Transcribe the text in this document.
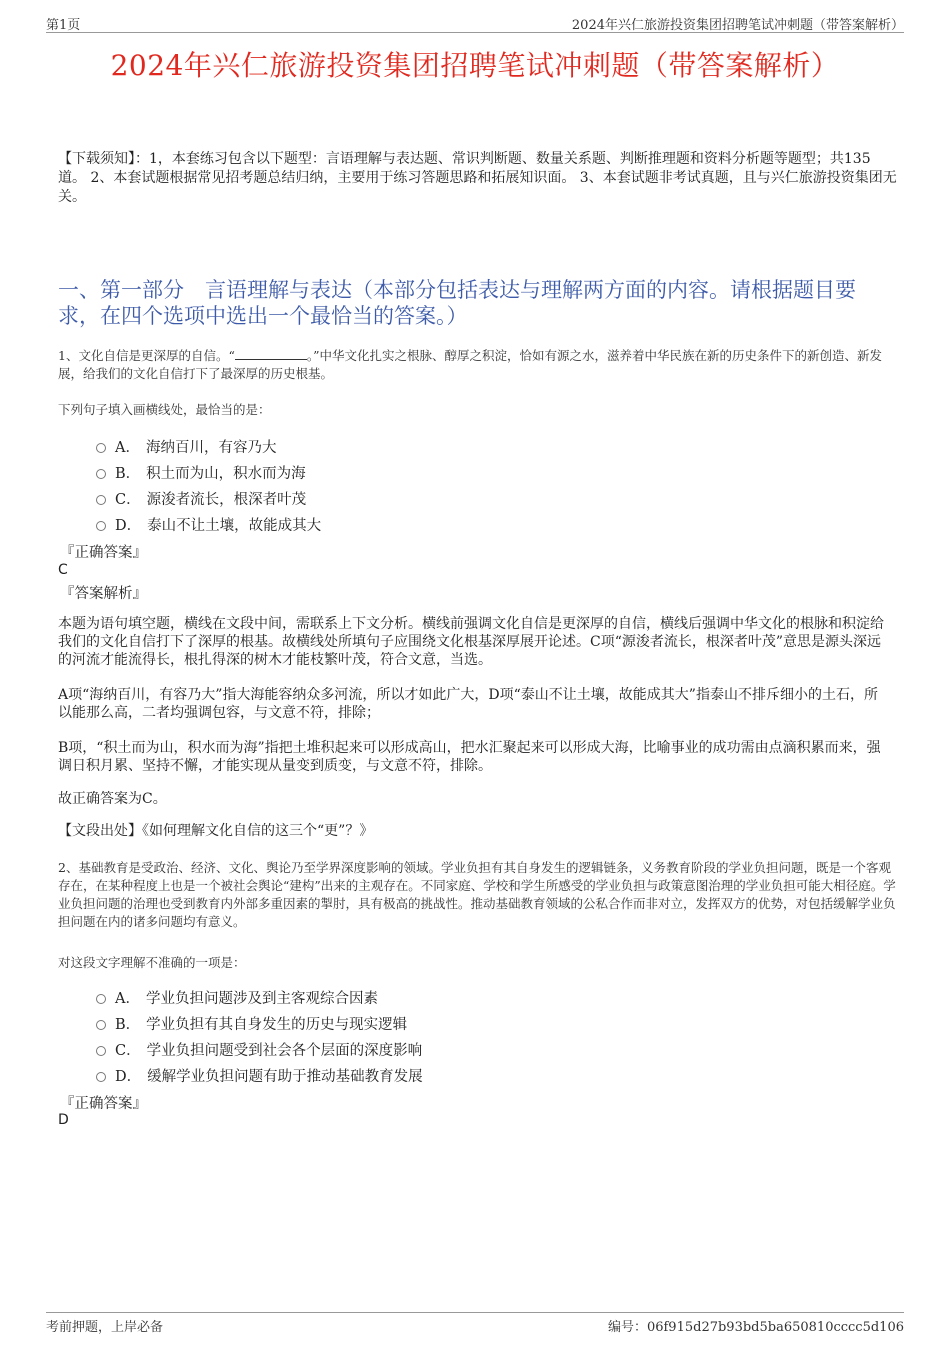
第1页	2024年兴仁旅游投资集团招聘笔试冲刺题（带答案解析）
2024年兴仁旅游投资集团招聘笔试冲刺题（带答案解析）
【下载须知】：1，本套练习包含以下题型：言语理解与表达题、常识判断题、数量关系题、判断推理题和资料分析题等题型；共135道。 2、本套试题根据常见招考题总结归纳，主要用于练习答题思路和拓展知识面。 3、本套试题非考试真题，且与兴仁旅游投资集团无关。
一、第一部分　言语理解与表达（本部分包括表达与理解两方面的内容。请根据题目要求，在四个选项中选出一个最恰当的答案。）
1、文化自信是更深厚的自信。“	。”中华文化扎实之根脉、醇厚之积淀，恰如有源之水，滋养着中华民族在新的历史条件下的新创造、新发展，给我们的文化自信打下了最深厚的历史根基。
下列句子填入画横线处，最恰当的是：
A． 海纳百川，有容乃大
B． 积土而为山，积水而为海
C． 源浚者流长，根深者叶茂
D． 泰山不让土壤，故能成其大
『正确答案』
C
『答案解析』
本题为语句填空题，横线在文段中间，需联系上下文分析。横线前强调文化自信是更深厚的自信，横线后强调中华文化的根脉和积淀给我们的文化自信打下了深厚的根基。故横线处所填句子应围绕文化根基深厚展开论述。C项“源浚者流长，根深者叶茂”意思是源头深远的河流才能流得长，根扎得深的树木才能枝繁叶茂，符合文意，当选。
A项“海纳百川，有容乃大”指大海能容纳众多河流，所以才如此广大，D项“泰山不让土壤，故能成其大”指泰山不排斥细小的土石，所以能那么高，二者均强调包容，与文意不符，排除；
B项，“积土而为山，积水而为海”指把土堆积起来可以形成高山，把水汇聚起来可以形成大海，比喻事业的成功需由点滴积累而来，强调日积月累、坚持不懈，才能实现从量变到质变，与文意不符，排除。
故正确答案为C。
【文段出处】《如何理解文化自信的这三个“更”？》
2、基础教育是受政治、经济、文化、舆论乃至学界深度影响的领域。学业负担有其自身发生的逻辑链条，义务教育阶段的学业负担问题，既是一个客观存在，在某种程度上也是一个被社会舆论“建构”出来的主观存在。不同家庭、学校和学生所感受的学业负担与政策意图治理的学业负担可能大相径庭。学业负担问题的治理也受到教育内外部多重因素的掣肘，具有极高的挑战性。推动基础教育领域的公私合作而非对立，发挥双方的优势，对包括缓解学业负担问题在内的诸多问题均有意义。
对这段文字理解不准确的一项是：
A． 学业负担问题涉及到主客观综合因素
B． 学业负担有其自身发生的历史与现实逻辑
C． 学业负担问题受到社会各个层面的深度影响
D． 缓解学业负担问题有助于推动基础教育发展
『正确答案』
D
考前押题，上岸必备	编号：06f915d27b93bd5ba650810cccc5d106
